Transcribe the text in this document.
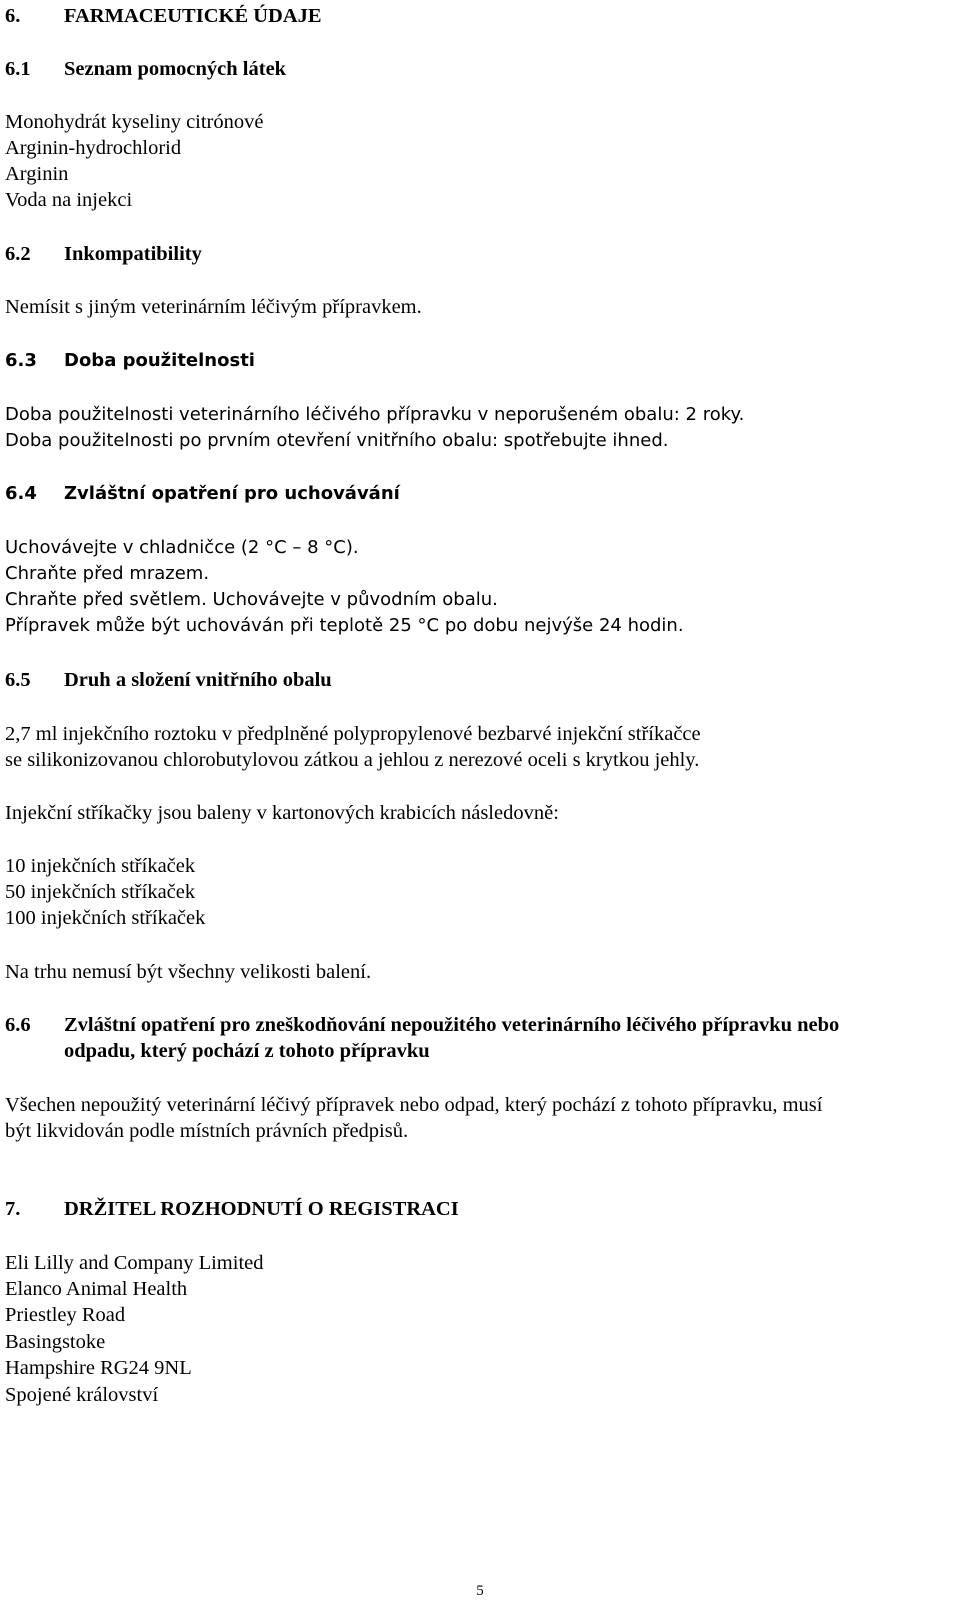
6. FARMACEUTICKÉ ÚDAJE
6.1 Seznam pomocných látek
Monohydrát kyseliny citrónové
Arginin-hydrochlorid
Arginin
Voda na injekci
6.2 Inkompatibility
Nemísit s jiným veterinárním léčivým přípravkem.
6.3 Doba použitelnosti
Doba použitelnosti veterinárního léčivého přípravku v neporušeném obalu: 2 roky.
Doba použitelnosti po prvním otevření vnitřního obalu: spotřebujte ihned.
6.4 Zvláštní opatření pro uchovávání
Uchovávejte v chladničce (2 °C – 8 °C).
Chraňte před mrazem.
Chraňte před světlem. Uchovávejte v původním obalu.
Přípravek může být uchováván při teplotě 25 °C po dobu nejvýše 24 hodin.
6.5 Druh a složení vnitřního obalu
2,7 ml injekčního roztoku v předplněné polypropylenové bezbarvé injekční stříkačce
se silikonizovanou chlorobutylovou zátkou a jehlou z nerezové oceli s krytkou jehly.
Injekční stříkačky jsou baleny v kartonových krabicích následovně:
10 injekčních stříkaček
50 injekčních stříkaček
100 injekčních stříkaček
Na trhu nemusí být všechny velikosti balení.
6.6 Zvláštní opatření pro zneškodňování nepoužitého veterinárního léčivého přípravku nebo
odpadu, který pochází z tohoto přípravku
Všechen nepoužitý veterinární léčivý přípravek nebo odpad, který pochází z tohoto přípravku, musí
být likvidován podle místních právních předpisů.
7. DRŽITEL ROZHODNUTÍ O REGISTRACI
Eli Lilly and Company Limited
Elanco Animal Health
Priestley Road
Basingstoke
Hampshire RG24 9NL
Spojené království
5
